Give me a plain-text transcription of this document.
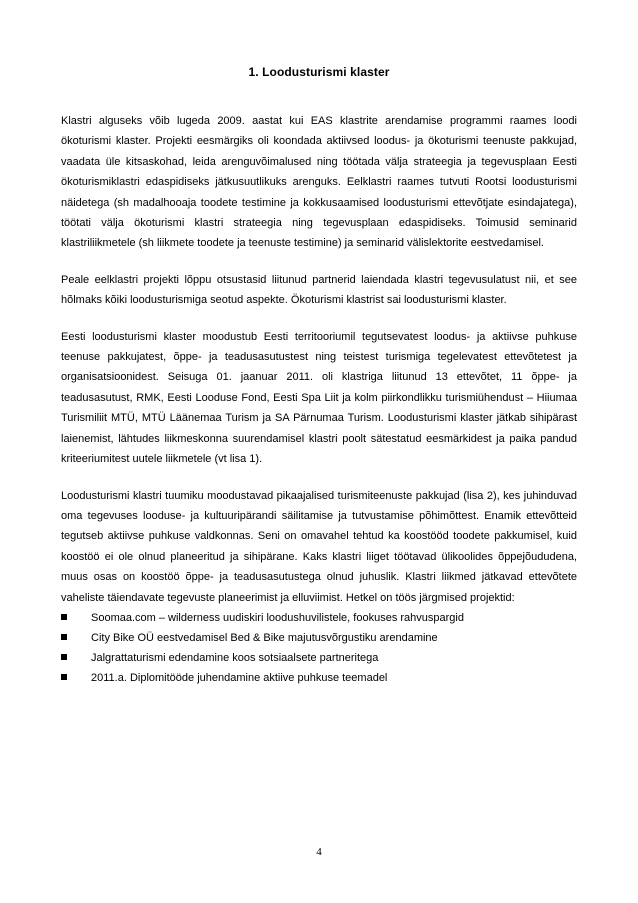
1. Loodusturismi klaster

Klastri alguseks võib lugeda 2009. aastat kui EAS klastrite arendamise programmi raames loodi ökoturismi klaster. Projekti eesmärgiks oli koondada aktiivsed loodus- ja ökoturismi teenuste pakkujad, vaadata üle kitsaskohad, leida arenguvõimalused ning töötada välja strateegia ja tegevusplaan Eesti ökoturismiklastri edaspidiseks jätkusuutlikuks arenguks. Eelklastri raames tutvuti Rootsi loodusturismi näidetega (sh madalhooaja toodete testimine ja kokkusaamised loodusturismi ettevõtjate esindajatega), töötati välja ökoturismi klastri strateegia ning tegevusplaan edaspidiseks. Toimusid seminarid klastriliikmetele (sh liikmete toodete ja teenuste testimine) ja seminarid välislektorite eestvedamisel.

Peale eelklastri projekti lõppu otsustasid liitunud partnerid laiendada klastri tegevusulatust nii, et see hõlmaks kõiki loodusturismiga seotud aspekte. Ökoturismi klastrist sai loodusturismi klaster.

Eesti loodusturismi klaster moodustub Eesti territooriumil tegutsevatest loodus- ja aktiivse puhkuse teenuse pakkujatest, õppe- ja teadusasutustest ning teistest turismiga tegelevatest ettevõtetest ja organisatsioonidest. Seisuga 01. jaanuar 2011. oli klastriga liitunud 13 ettevõtet, 11 õppe- ja teadusasutust, RMK, Eesti Looduse Fond, Eesti Spa Liit ja kolm piirkondlikku turismiühendust – Hiiumaa Turismiliit MTÜ, MTÜ Läänemaa Turism ja SA Pärnumaa Turism. Loodusturismi klaster jätkab sihipärast laienemist, lähtudes liikmeskonna suurendamisel klastri poolt sätestatud eesmärkidest ja paika pandud kriteeriumitest uutele liikmetele (vt lisa 1).

Loodusturismi klastri tuumiku moodustavad pikaajalised turismiteenuste pakkujad (lisa 2), kes juhinduvad oma tegevuses looduse- ja kultuuripärandi säilitamise ja tutvustamise põhimõttest. Enamik ettevõtteid tegutseb aktiivse puhkuse valdkonnas. Seni on omavahel tehtud ka koostööd toodete pakkumisel, kuid koostöö ei ole olnud planeeritud ja sihipärane. Kaks klastri liiget töötavad ülikoolides õppejõududena, muus osas on koostöö õppe- ja teadusasutustega olnud juhuslik. Klastri liikmed jätkavad ettevõtete vaheliste täiendavate tegevuste planeerimist ja elluviimist. Hetkel on töös järgmised projektid:

Soomaa.com – wilderness uudiskiri loodushuvilistele, fookuses rahvuspargid
City Bike OÜ eestvedamisel Bed & Bike majutusvõrgustiku arendamine
Jalgrattaturismi edendamine koos sotsiaalsete partneritega
2011.a. Diplomitööde juhendamine aktiive puhkuse teemadel
4
